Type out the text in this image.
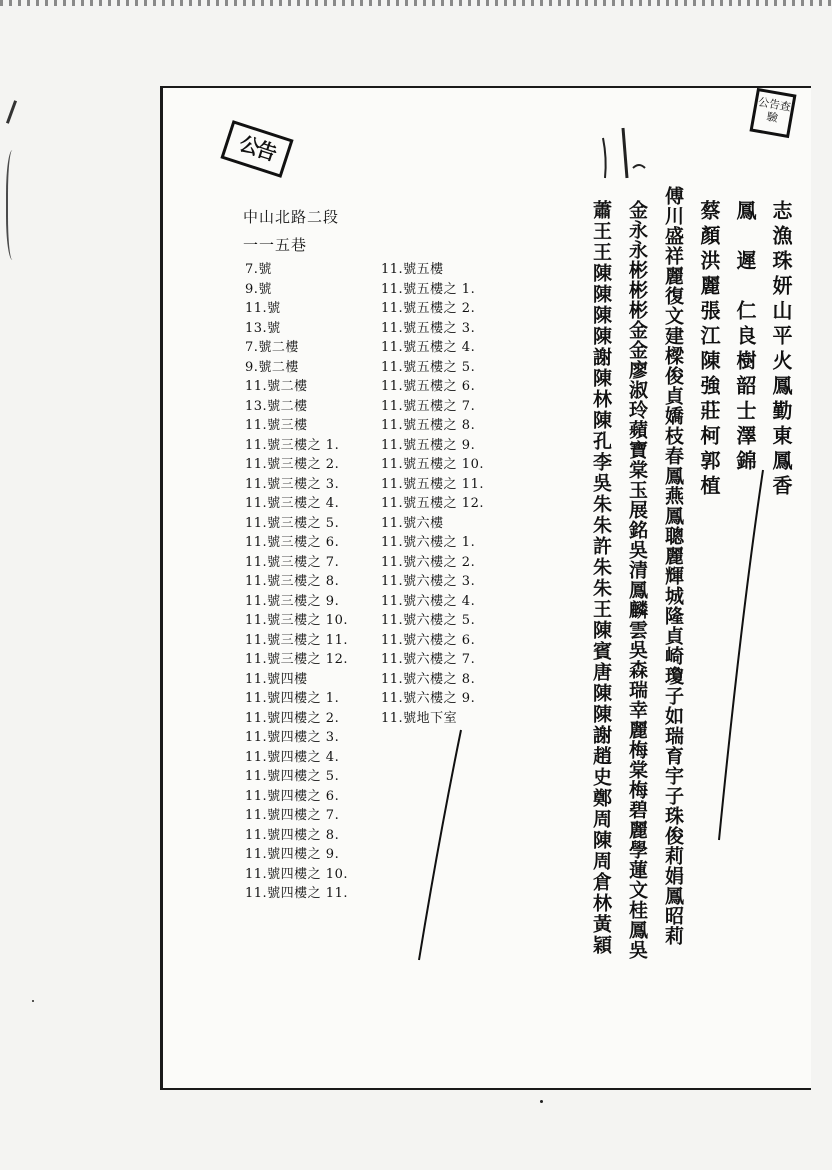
公告
公告查驗
中山北路二段
一一五巷
7.號
9.號
11.號
13.號
7.號二樓
9.號二樓
11.號二樓
13.號二樓
11.號三樓
11.號三樓之 1.
11.號三樓之 2.
11.號三樓之 3.
11.號三樓之 4.
11.號三樓之 5.
11.號三樓之 6.
11.號三樓之 7.
11.號三樓之 8.
11.號三樓之 9.
11.號三樓之 10.
11.號三樓之 11.
11.號三樓之 12.
11.號四樓
11.號四樓之 1.
11.號四樓之 2.
11.號四樓之 3.
11.號四樓之 4.
11.號四樓之 5.
11.號四樓之 6.
11.號四樓之 7.
11.號四樓之 8.
11.號四樓之 9.
11.號四樓之 10.
11.號四樓之 11.
11.號五樓
11.號五樓之 1.
11.號五樓之 2.
11.號五樓之 3.
11.號五樓之 4.
11.號五樓之 5.
11.號五樓之 6.
11.號五樓之 7.
11.號五樓之 8.
11.號五樓之 9.
11.號五樓之 10.
11.號五樓之 11.
11.號五樓之 12.
11.號六樓
11.號六樓之 1.
11.號六樓之 2.
11.號六樓之 3.
11.號六樓之 4.
11.號六樓之 5.
11.號六樓之 6.
11.號六樓之 7.
11.號六樓之 8.
11.號六樓之 9.
11.號地下室
志漁珠妍山平火鳳勤東鳳香
鳳　遲　仁良樹韶士澤錦
蔡顏洪麗張江陳強莊柯郭植
傅川盛祥麗復文建樑俊貞嬌枝春鳳燕鳳聰麗輝城隆貞崎瓊子如瑞育宇子珠俊莉娟鳳昭莉
金永永彬彬彬金金廖淑玲蘋寶棠玉展銘吳清鳳麟雲吳森瑞幸麗梅棠梅碧麗學蓮文桂鳳吳
蕭王王陳陳陳陳謝陳林陳孔李吳朱朱許朱朱王陳賓唐陳陳謝趙史鄭周陳周倉林黃穎
